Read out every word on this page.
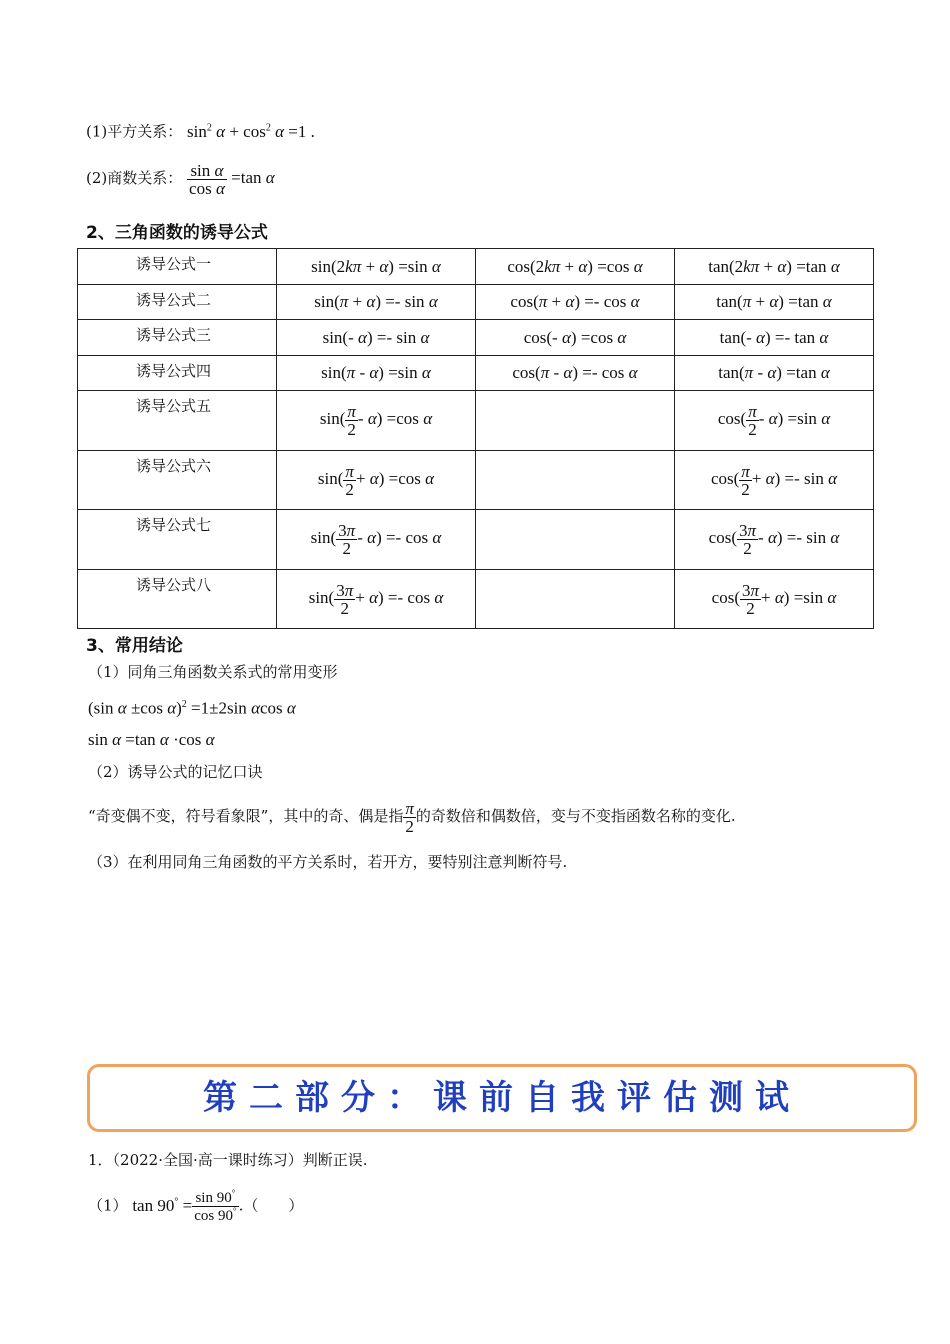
(1)平方关系： $\sin^2 \alpha + \cos^2 \alpha =1$ .
(2)商数关系： $\frac{\text{sin α}}{\text{cos α}} =\tan$ α
2、三角函数的诱导公式
诱导公式一	sin(2kπ + α) =sin α	cos(2kπ + α) =cos α	tan(2kπ + α) =tan α
诱导公式二	sin(π + α) =- sin α	cos(π + α) =- cos α	tan(π + α) =tan α
诱导公式三	sin(- α) =- sin α	cos(- α) =cos α	tan(- α) =- tan α
诱导公式四	sin(π - α) =sin α	cos(π - α) =- cos α	tan(π - α) =tan α
诱导公式五	$\sin( \frac{\pi}{2} - \alpha) =\cos$ α		$\cos( \frac{\pi}{2} - \alpha) =\sin$ α
诱导公式六	$\sin( \frac{\pi}{2} + \alpha) =\cos$ α		$\cos( \frac{\pi}{2} + \alpha) =- \sin \alpha$
诱导公式七	$\sin( \frac{3\pi}{2} - \alpha) =- \cos \alpha$		$\cos( \frac{3\pi}{2} - \alpha) =- \sin \alpha$
诱导公式八	$\sin( \frac{3\pi}{2} + \alpha) =- \cos \alpha$		$\cos( \frac{3\pi}{2} + \alpha) =\sin$ α
3、常用结论
（1）同角三角函数关系式的常用变形
(sin α ±cos α)$^2$ =1±2sin αcos α
sin α =tan α ·cos α
（2）诱导公式的记忆口诀
“奇变偶不变，符号看象限”，其中的奇、偶是指 $\frac{\pi}{2}$ 的奇数倍和偶数倍，变与不变指函数名称的变化.
（3）在利用同角三角函数的平方关系时，若开方，要特别注意判断符号.
第二部分：课前自我评估测试
1．（2022·全国·高一课时练习）判断正误.
（1） $\tan 90^\circ = \frac{\sin 90^\circ}{\cos 90^\circ}$ .（　　）
